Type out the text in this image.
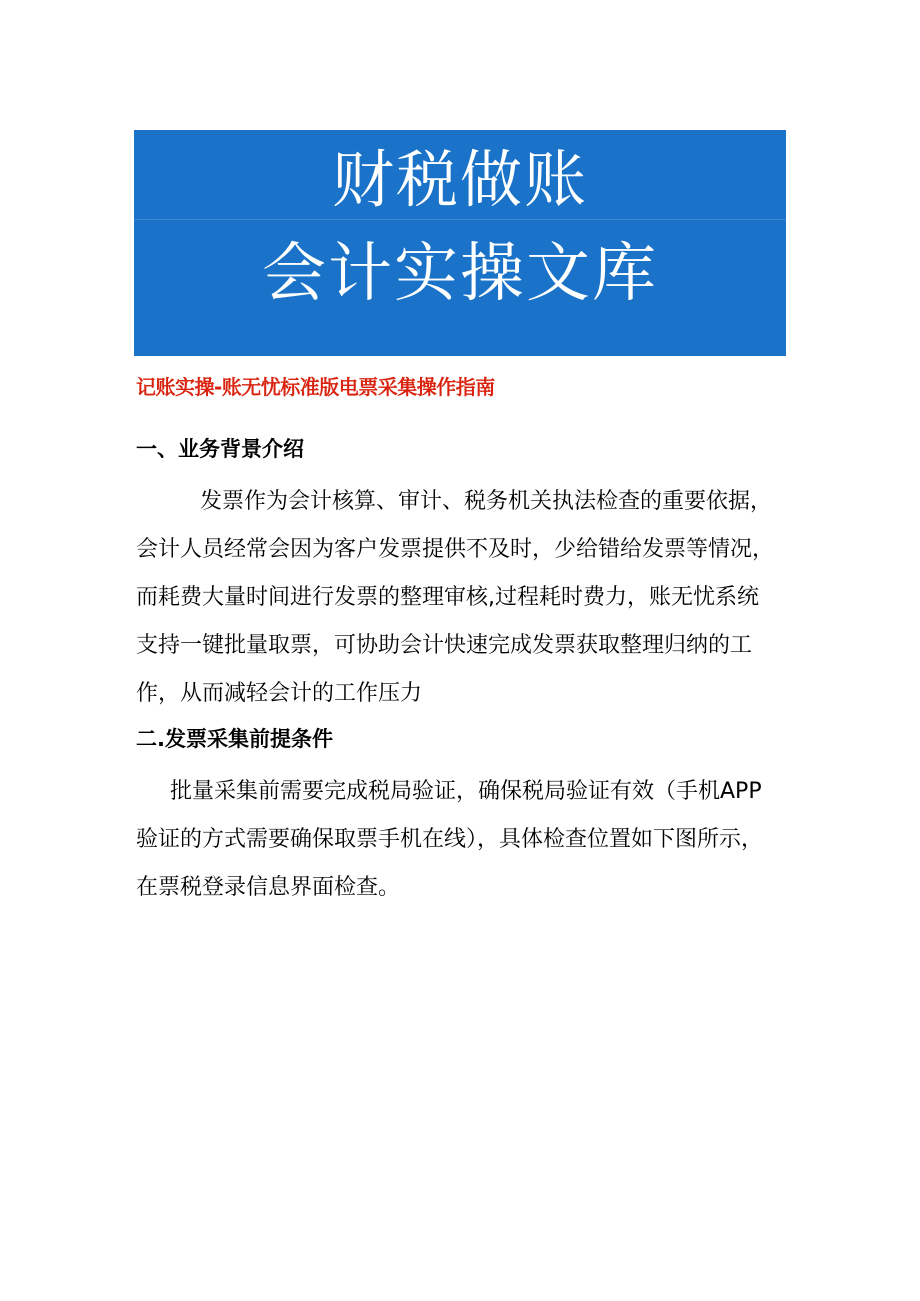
财税做账
会计实操文库
记账实操-账无忧标准版电票采集操作指南
一、业务背景介绍
发票作为会计核算、审计、税务机关执法检查的重要依据，
会计人员经常会因为客户发票提供不及时，少给错给发票等情况，
而耗费大量时间进行发票的整理审核,过程耗时费力，账无忧系统
支持一键批量取票，可协助会计快速完成发票获取整理归纳的工
作，从而减轻会计的工作压力
二.发票采集前提条件
批量采集前需要完成税局验证，确保税局验证有效（手机APP
验证的方式需要确保取票手机在线），具体检查位置如下图所示，
在票税登录信息界面检查。
